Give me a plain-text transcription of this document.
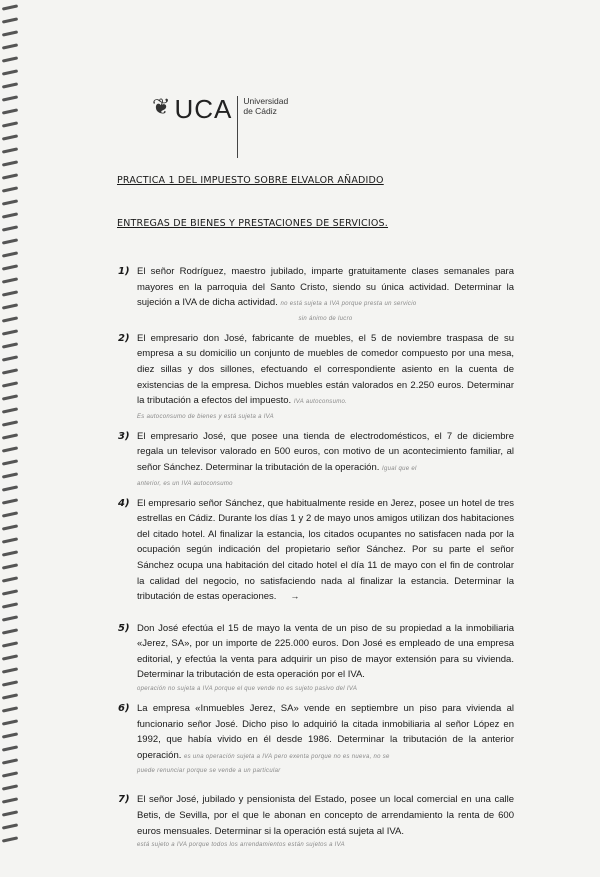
❦ UCA Universidad
de Cádiz
PRACTICA 1 DEL IMPUESTO SOBRE ELVALOR AÑADIDO
ENTREGAS DE BIENES Y PRESTACIONES DE SERVICIOS.
1) El señor Rodríguez, maestro jubilado, imparte gratuitamente clases semanales para mayores en la parroquia del Santo Cristo, siendo su única actividad. Determinar la sujeción a IVA de dicha actividad. no está sujeta a IVA porque presta un servicio
sin ánimo de lucro
2) El empresario don José, fabricante de muebles, el 5 de noviembre traspasa de su empresa a su domicilio un conjunto de muebles de comedor compuesto por una mesa, diez sillas y dos sillones, efectuando el correspondiente asiento en la cuenta de existencias de la empresa. Dichos muebles están valorados en 2.250 euros. Determinar la tributación a efectos del impuesto. IVA autoconsumo.
Es autoconsumo de bienes y está sujeta a IVA
3) El empresario José, que posee una tienda de electrodomésticos, el 7 de diciembre regala un televisor valorado en 500 euros, con motivo de un acontecimiento familiar, al señor Sánchez. Determinar la tributación de la operación. Igual que el
anterior, es un IVA autoconsumo
4) El empresario señor Sánchez, que habitualmente reside en Jerez, posee un hotel de tres estrellas en Cádiz. Durante los días 1 y 2 de mayo unos amigos utilizan dos habitaciones del citado hotel. Al finalizar la estancia, los citados ocupantes no satisfacen nada por la ocupación según indicación del propietario señor Sánchez. Por su parte el señor Sánchez ocupa una habitación del citado hotel el día 11 de mayo con el fin de controlar la calidad del negocio, no satisfaciendo nada al finalizar la estancia. Determinar la tributación de estas operaciones. →
5) Don José efectúa el 15 de mayo la venta de un piso de su propiedad a la inmobiliaria «Jerez, SA», por un importe de 225.000 euros. Don José es empleado de una empresa editorial, y efectúa la venta para adquirir un piso de mayor extensión para su vivienda. Determinar la tributación de esta operación por el IVA.
operación no sujeta a IVA porque el que vende no es sujeto pasivo del IVA
6) La empresa «Inmuebles Jerez, SA» vende en septiembre un piso para vivienda al funcionario señor José. Dicho piso lo adquirió la citada inmobiliaria al señor López en 1992, que había vivido en él desde 1986. Determinar la tributación de la anterior operación. es una operación sujeta a IVA pero exenta porque no es nueva, no se
puede renunciar porque se vende a un particular
7) El señor José, jubilado y pensionista del Estado, posee un local comercial en una calle Betis, de Sevilla, por el que le abonan en concepto de arrendamiento la renta de 600 euros mensuales. Determinar si la operación está sujeta al IVA.
está sujeto a IVA porque todos los arrendamientos están sujetos a IVA
